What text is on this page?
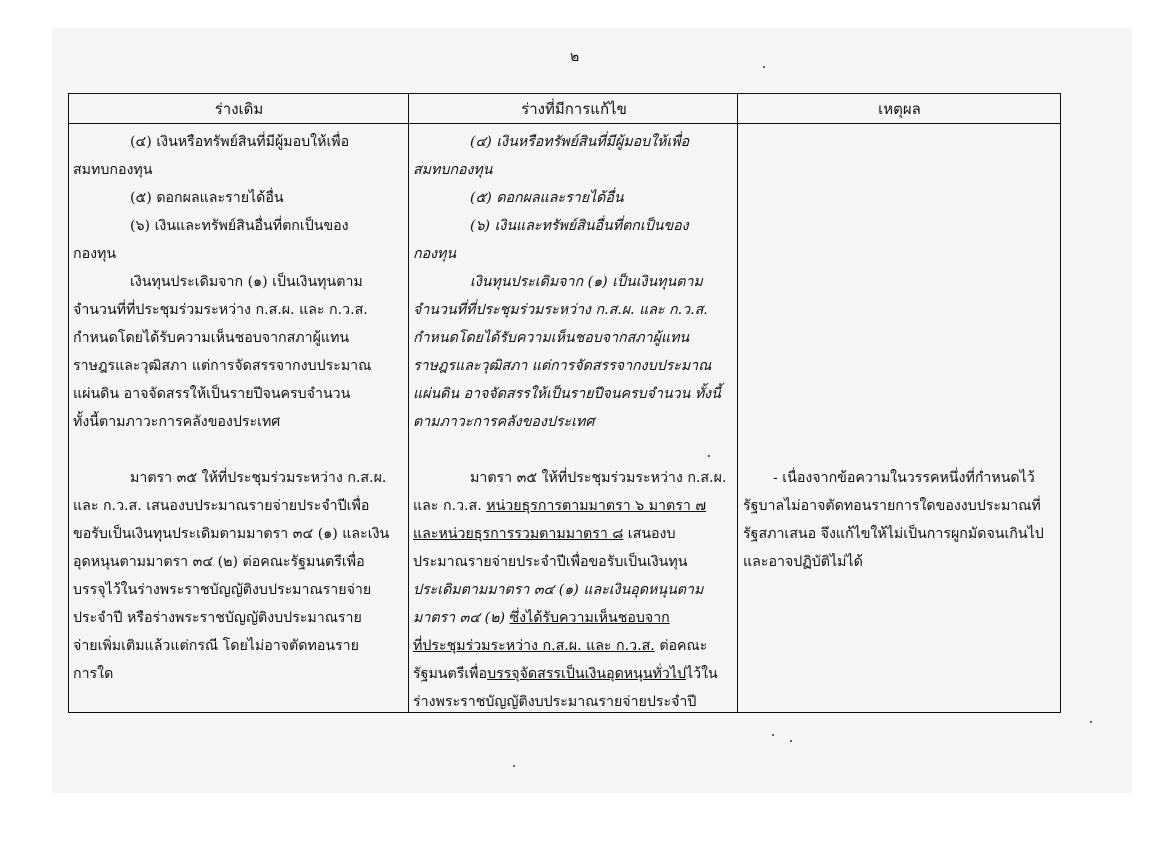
๒
ร่างเดิม	ร่างที่มีการแก้ไข	เหตุผล

(๔) เงินหรือทรัพย์สินที่มีผู้มอบให้เพื่อ

สมทบกองทุน

(๕) ดอกผลและรายได้อื่น

(๖) เงินและทรัพย์สินอื่นที่ตกเป็นของ

กองทุน

เงินทุนประเดิมจาก (๑) เป็นเงินทุนตาม

จำนวนที่ที่ประชุมร่วมระหว่าง ก.ส.ผ. และ ก.ว.ส.

กำหนดโดยได้รับความเห็นชอบจากสภาผู้แทน

ราษฎรและวุฒิสภา แต่การจัดสรรจากงบประมาณ

แผ่นดิน อาจจัดสรรให้เป็นรายปีจนครบจำนวน

ทั้งนี้ตามภาวะการคลังของประเทศ

มาตรา ๓๕ ให้ที่ประชุมร่วมระหว่าง ก.ส.ผ.

และ ก.ว.ส. เสนองบประมาณรายจ่ายประจำปีเพื่อ

ขอรับเป็นเงินทุนประเดิมตามมาตรา ๓๔ (๑) และเงิน

อุดหนุนตามมาตรา ๓๔ (๒) ต่อคณะรัฐมนตรีเพื่อ

บรรจุไว้ในร่างพระราชบัญญัติงบประมาณรายจ่าย

ประจำปี หรือร่างพระราชบัญญัติงบประมาณราย

จ่ายเพิ่มเติมแล้วแต่กรณี โดยไม่อาจตัดทอนราย

การใด

(๔) เงินหรือทรัพย์สินที่มีผู้มอบให้เพื่อ

สมทบกองทุน

(๕) ดอกผลและรายได้อื่น

(๖) เงินและทรัพย์สินอื่นที่ตกเป็นของ

กองทุน

เงินทุนประเดิมจาก (๑) เป็นเงินทุนตาม

จำนวนที่ที่ประชุมร่วมระหว่าง ก.ส.ผ. และ ก.ว.ส.

กำหนดโดยได้รับความเห็นชอบจากสภาผู้แทน

ราษฎรและวุฒิสภา แต่การจัดสรรจากงบประมาณ

แผ่นดิน อาจจัดสรรให้เป็นรายปีจนครบจำนวน ทั้งนี้

ตามภาวะการคลังของประเทศ

มาตรา ๓๕ ให้ที่ประชุมร่วมระหว่าง ก.ส.ผ.

และ ก.ว.ส. หน่วยธุรการตามมาตรา ๖ มาตรา ๗

และหน่วยธุรการรวมตามมาตรา ๘ เสนองบ

ประมาณรายจ่ายประจำปีเพื่อขอรับเป็นเงินทุน

ประเดิมตามมาตรา ๓๔ (๑) และเงินอุดหนุนตาม

มาตรา ๓๔ (๒) ซึ่งได้รับความเห็นชอบจาก

ที่ประชุมร่วมระหว่าง ก.ส.ผ. และ ก.ว.ส. ต่อคณะ

รัฐมนตรีเพื่อบรรจุจัดสรรเป็นเงินอุดหนุนทั่วไปไว้ใน

ร่างพระราชบัญญัติงบประมาณรายจ่ายประจำปี

- เนื่องจากข้อความในวรรคหนึ่งที่กำหนดไว้

รัฐบาลไม่อาจตัดทอนรายการใดของงบประมาณที่

รัฐสภาเสนอ จึงแก้ไขให้ไม่เป็นการผูกมัดจนเกินไป

และอาจปฏิบัติไม่ได้
